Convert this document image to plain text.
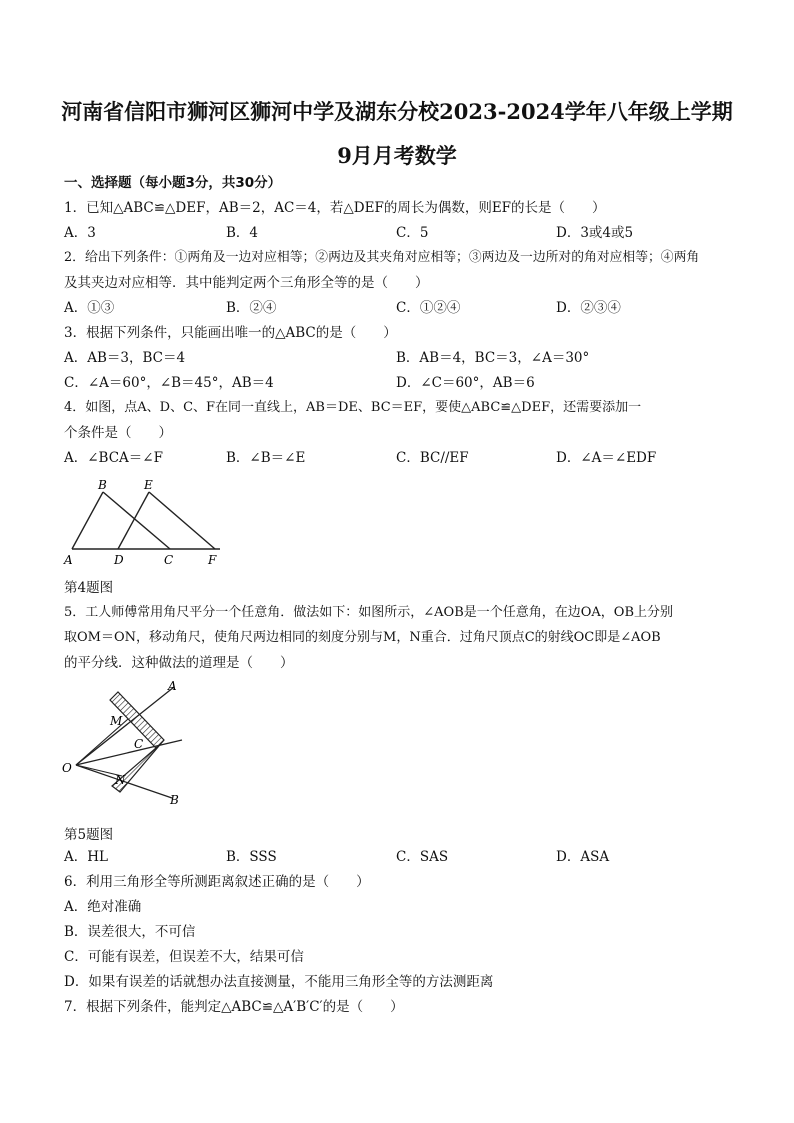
河南省信阳市狮河区狮河中学及湖东分校2023-2024学年八年级上学期
9月月考数学
一、选择题（每小题3分，共30分）
1．已知△ABC≌△DEF，AB＝2，AC＝4，若△DEF的周长为偶数，则EF的长是（　　）
A．3	B．4	C．5	D．3或4或5
2．给出下列条件：①两角及一边对应相等；②两边及其夹角对应相等；③两边及一边所对的角对应相等；④两角
及其夹边对应相等．其中能判定两个三角形全等的是（　　）
A．①③	B．②④	C．①②④	D．②③④
3．根据下列条件，只能画出唯一的△ABC的是（　　）
A．AB＝3，BC＝4	B．AB＝4，BC＝3，∠A＝30°
C．∠A＝60°，∠B＝45°，AB＝4	D．∠C＝60°，AB＝6
4．如图，点A、D、C、F在同一直线上，AB＝DE、BC＝EF，要使△ABC≌△DEF，还需要添加一
个条件是（　　）
A．∠BCA＝∠F	B．∠B＝∠E	C．BC//EF	D．∠A＝∠EDF
B	E
A	D	C	F
第4题图
5．工人师傅常用角尺平分一个任意角．做法如下：如图所示，∠AOB是一个任意角，在边OA，OB上分别
取OM＝ON，移动角尺，使角尺两边相同的刻度分别与M，N重合．过角尺顶点C的射线OC即是∠AOB
的平分线．这种做法的道理是（　　）
A
B
O
M
N
C
第5题图
A．HL	B．SSS	C．SAS	D．ASA
6．利用三角形全等所测距离叙述正确的是（　　）
A．绝对准确
B．误差很大，不可信
C．可能有误差，但误差不大，结果可信
D．如果有误差的话就想办法直接测量，不能用三角形全等的方法测距离
7．根据下列条件，能判定△ABC≌△A′B′C′的是（　　）
